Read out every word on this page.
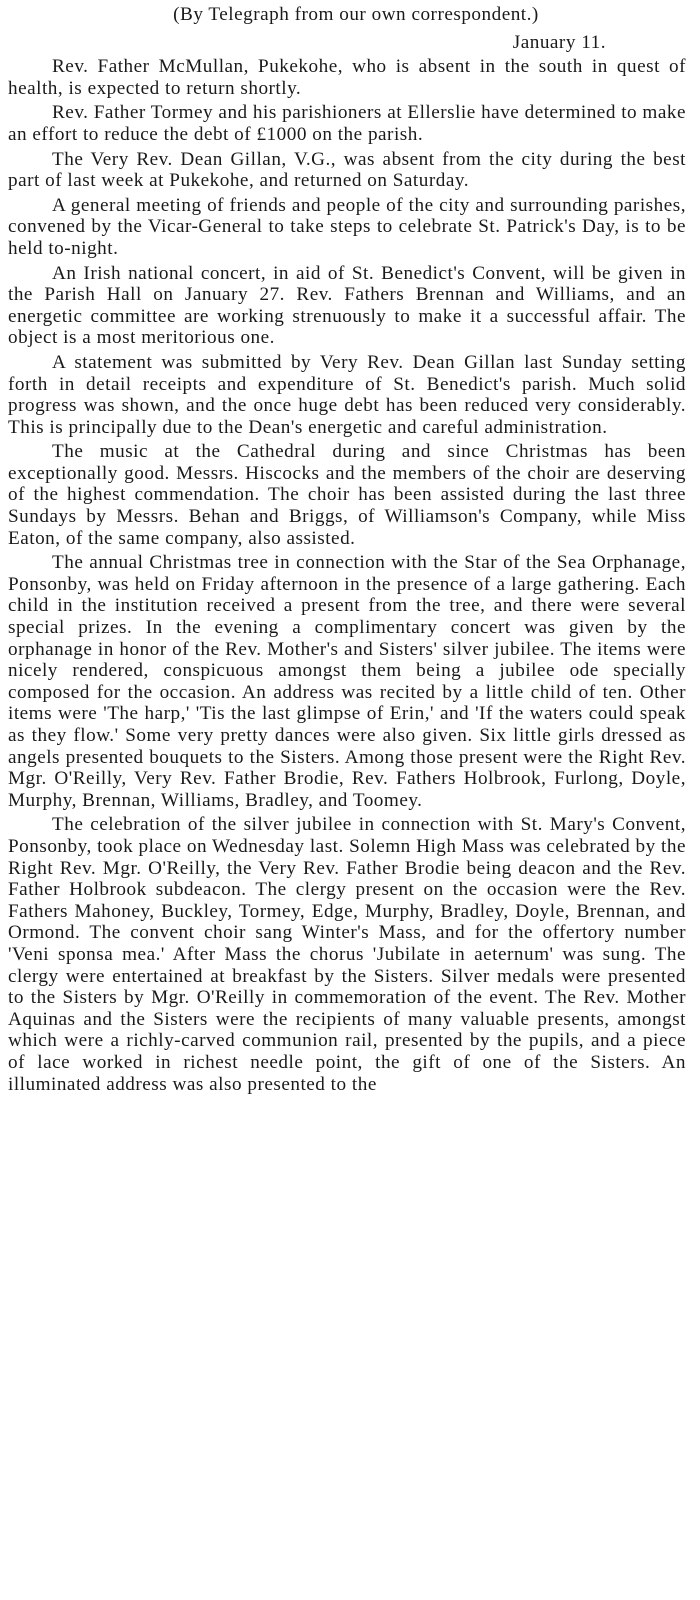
(By Telegraph from our own correspondent.)

January 11.

Rev. Father McMullan, Pukekohe, who is absent in the south in quest of health, is expected to return shortly.

Rev. Father Tormey and his parishioners at Ellerslie have determined to make an effort to reduce the debt of £1000 on the parish.

The Very Rev. Dean Gillan, V.G., was absent from the city during the best part of last week at Pukekohe, and returned on Saturday.

A general meeting of friends and people of the city and surrounding parishes, convened by the Vicar-General to take steps to celebrate St. Patrick's Day, is to be held to-night.

An Irish national concert, in aid of St. Benedict's Convent, will be given in the Parish Hall on January 27. Rev. Fathers Brennan and Williams, and an energetic committee are working strenuously to make it a successful affair. The object is a most meritorious one.

A statement was submitted by Very Rev. Dean Gillan last Sunday setting forth in detail receipts and expenditure of St. Benedict's parish. Much solid progress was shown, and the once huge debt has been reduced very considerably. This is principally due to the Dean's energetic and careful administration.

The music at the Cathedral during and since Christmas has been exceptionally good. Messrs. Hiscocks and the members of the choir are deserving of the highest commendation. The choir has been assisted during the last three Sundays by Messrs. Behan and Briggs, of Williamson's Company, while Miss Eaton, of the same company, also assisted.

The annual Christmas tree in connection with the Star of the Sea Orphanage, Ponsonby, was held on Friday afternoon in the presence of a large gathering. Each child in the institution received a present from the tree, and there were several special prizes. In the evening a complimentary concert was given by the orphanage in honor of the Rev. Mother's and Sisters' silver jubilee. The items were nicely rendered, conspicuous amongst them being a jubilee ode specially composed for the occasion. An address was recited by a little child of ten. Other items were 'The harp,' 'Tis the last glimpse of Erin,' and 'If the waters could speak as they flow.' Some very pretty dances were also given. Six little girls dressed as angels presented bouquets to the Sisters. Among those present were the Right Rev. Mgr. O'Reilly, Very Rev. Father Brodie, Rev. Fathers Holbrook, Furlong, Doyle, Murphy, Brennan, Williams, Bradley, and Toomey.

The celebration of the silver jubilee in connection with St. Mary's Convent, Ponsonby, took place on Wednesday last. Solemn High Mass was celebrated by the Right Rev. Mgr. O'Reilly, the Very Rev. Father Brodie being deacon and the Rev. Father Holbrook subdeacon. The clergy present on the occasion were the Rev. Fathers Mahoney, Buckley, Tormey, Edge, Murphy, Bradley, Doyle, Brennan, and Ormond. The convent choir sang Winter's Mass, and for the offertory number 'Veni sponsa mea.' After Mass the chorus 'Jubilate in aeternum' was sung. The clergy were entertained at breakfast by the Sisters. Silver medals were presented to the Sisters by Mgr. O'Reilly in commemoration of the event. The Rev. Mother Aquinas and the Sisters were the recipients of many valuable presents, amongst which were a richly-carved communion rail, presented by the pupils, and a piece of lace worked in richest needle point, the gift of one of the Sisters. An illuminated address was also presented to the
